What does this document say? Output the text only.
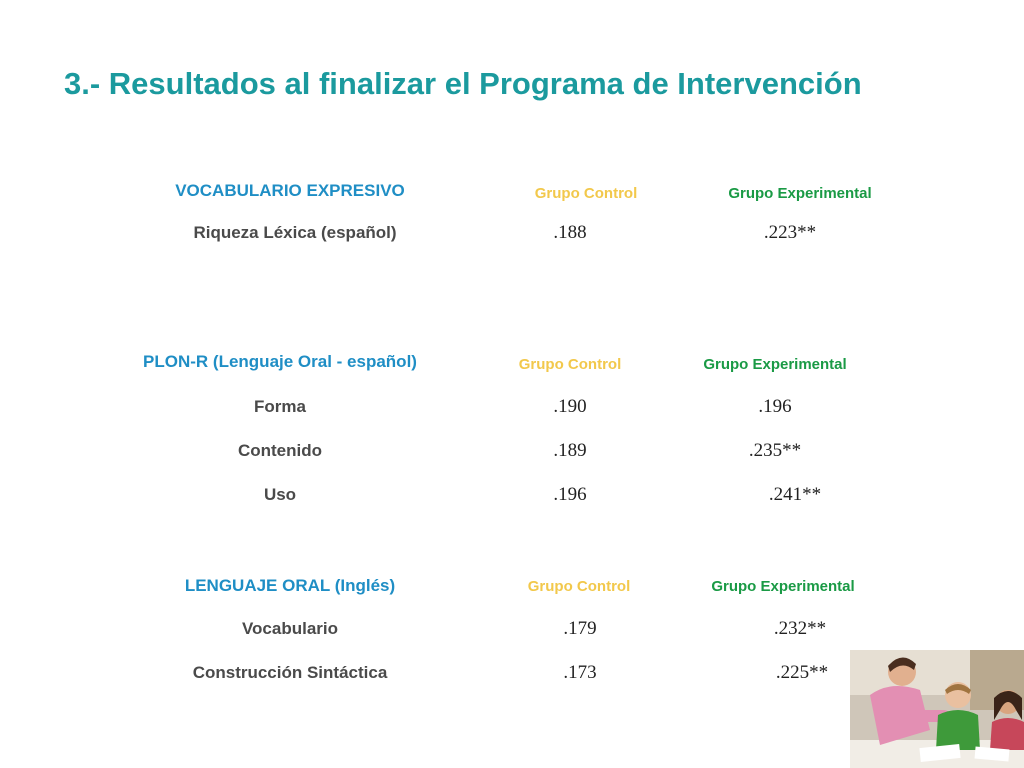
3.- Resultados al finalizar el Programa de Intervención
VOCABULARIO EXPRESIVO	Grupo Control	Grupo Experimental
Riqueza Léxica (español)	.188	.223**
PLON-R (Lenguaje Oral - español)	Grupo Control	Grupo Experimental
Forma	.190	.196
Contenido	.189	.235**
Uso	.196	.241**
LENGUAJE ORAL (Inglés)	Grupo Control	Grupo Experimental
Vocabulario	.179	.232**
Construcción Sintáctica	.173	.225**
